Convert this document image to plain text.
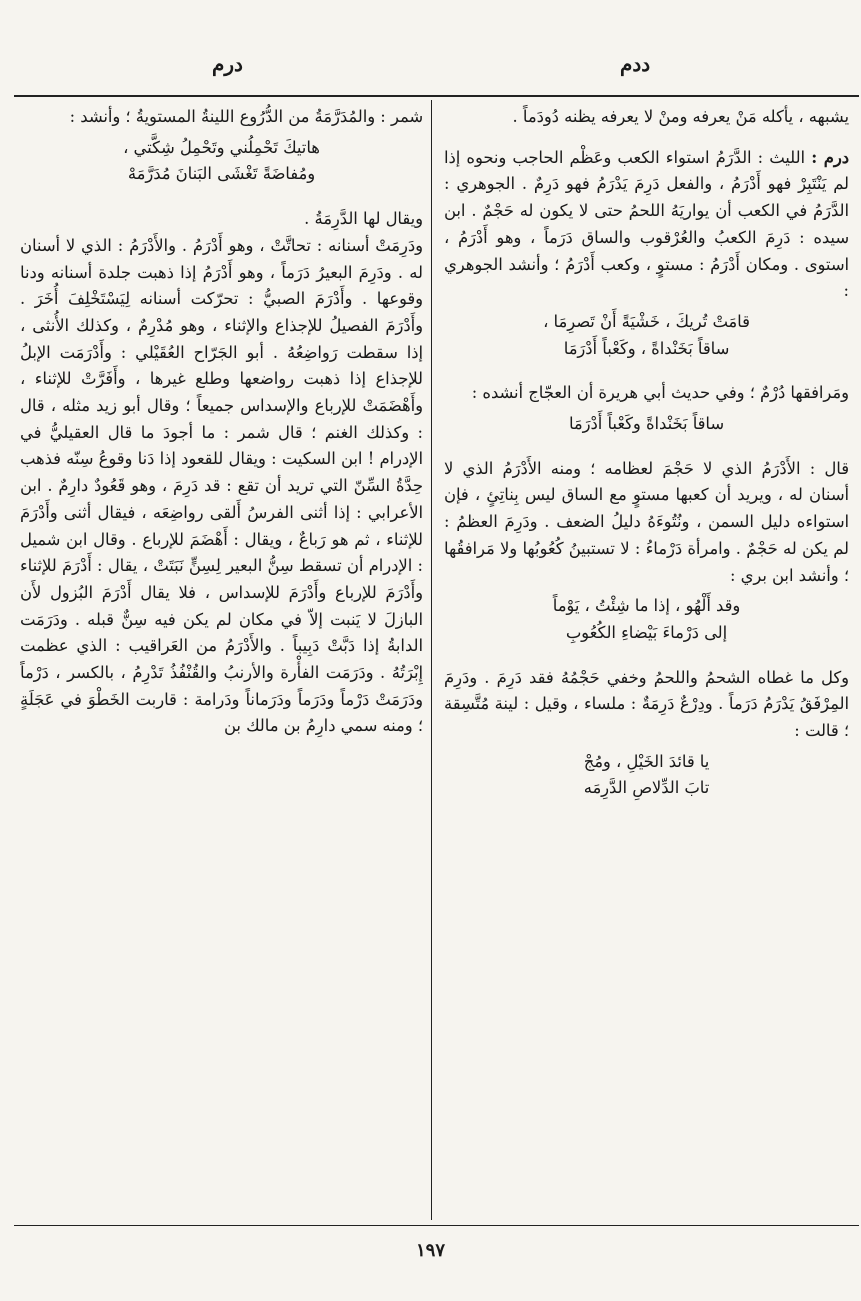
ددم
درم

يشبهه ، يأكله مَنْ يعرفه ومنْ لا يعرفه يظنه دُودَماً .

درم : الليث : الدَّرَمُ استواء الكعب وعَظْم الحاجب ونحوه إذا لم يَنْتَبِرْ فهو أَدْرَمُ ، والفعل دَرِمَ يَدْرَمُ فهو دَرِمٌ . الجوهري : الدَّرَمُ في الكعب أن يواريَهُ اللحمُ حتى لا يكون له حَجْمٌ . ابن سيده : دَرِمَ الكعبُ والعُرْقوب والساق دَرَماً ، وهو أَدْرَمُ ، استوى . ومكان أَدْرَمُ : مستوٍ ، وكعب أَدْرَمُ ؛ وأنشد الجوهري :

قامَتْ تُريكَ ، خَشْيَةً أَنْ تَصرِمَا ،

ساقاً بَخَنْداةً ، وكَعْباً أَدْرَمَا

ومَرافقها دُرْمٌ ؛ وفي حديث أبي هريرة أن العجّاج أنشده :

ساقاً بَخَنْداةً وكَعْباً أَدْرَمَا

قال : الأَدْرَمُ الذي لا حَجْمَ لعظامه ؛ ومنه الأَدْرَمُ الذي لا أسنان له ، ويريد أن كعبها مستوٍ مع الساق ليس بِناتِئٍ ، فإن استواءه دليل السمن ، ونُتُوءَهُ دليلُ الضعف . ودَرِمَ العظمُ : لم يكن له حَجْمٌ . وامرأة دَرْماءُ : لا تستبينُ كُعُوبُها ولا مَرافقُها ؛ وأنشد ابن بري :

وقد أَلْهُو ، إذا ما شِئْتُ ، يَوْماً

إلى دَرْماءَ بَيْضاءِ الكُعُوبِ

وكل ما غطاه الشحمُ واللحمُ وخفي حَجْمُهُ فقد دَرِمَ . ودَرِمَ المِرْفَقُ يَدْرَمُ دَرَماً . ودِرْعٌ دَرِمَةٌ : ملساء ، وقيل : لينة مُتَّسِقة ؛ قالت :

يا قائدَ الخَيْلِ ، ومُجْ

تابَ الدِّلاصِ الدَّرِمَه

شمر : والمُدَرَّمَةُ من الدُّرُوع اللينةُ المستويةُ ؛ وأنشد :

هاتيكَ تَحْمِلُني وتَحْمِلُ شِكَّتي ،

ومُفاضَةً تَغْشَى البَنانَ مُدَرَّمَهْ

ويقال لها الدَّرِمَةُ .

ودَرِمَتْ أسنانه : تحاتَّتْ ، وهو أَدْرَمُ . والأَدْرَمُ : الذي لا أسنان له . ودَرِمَ البعيرُ دَرَماً ، وهو أَدْرَمُ إذا ذهبت جلدة أسنانه ودنا وقوعها . وأَدْرَمَ الصبيُّ : تحرّكت أسنانه لِيَسْتَخْلِفَ أُخَرَ . وأَدْرَمَ الفصيلُ للإجذاع والإثناء ، وهو مُدْرِمٌ ، وكذلك الأُنثى ، إذا سقطت رَواضِعُهُ . أبو الجَرّاح العُقَيْلي : وأَدْرَمَت الإبلُ للإجذاع إذا ذهبت رواضعها وطلع غيرها ، وأَفَرَّتْ للإثناء ، وأَهْضَمَتْ للإرباع والإسداس جميعاً ؛ وقال أبو زيد مثله ، قال : وكذلك الغنم ؛ قال شمر : ما أجودَ ما قال العقيليُّ في الإدرام ! ابن السكيت : ويقال للقعود إذا دَنا وقوعُ سِنّه فذهب حِدَّةُ السِّنّ التي تريد أن تقع : قد دَرِمَ ، وهو قَعُودٌ دارِمٌ . ابن الأعرابي : إذا أثنى الفرسُ أَلقى رواضِعَه ، فيقال أثنى وأَدْرَمَ للإثناء ، ثم هو رَباعٌ ، ويقال : أَهْضَمَ للإرباع . وقال ابن شميل : الإدرام أن تسقط سِنُّ البعير لِسِنٍّ نَبَتَتْ ، يقال : أَدْرَمَ للإثناء وأَدْرَمَ للإرباع وأَدْرَمَ للإسداس ، فلا يقال أَدْرَمَ البُزول لأَن البازلَ لا يَنبت إلاّ في مكان لم يكن فيه سِنٌّ قبله . ودَرَمَت الدابةُ إذا دَبَّتْ دَبِيباً . والأَدْرَمُ من العَراقيب : الذي عظمت إِبْرَتُهُ . ودَرَمَت الفأْرة والأرنبُ والقُنْفُذُ تَدْرِمُ ، بالكسر ، دَرْماً ودَرَمَتْ دَرْماً ودَرَماً ودَرَماناً ودَرامة : قاربت الخَطْوَ في عَجَلَةٍ ؛ ومنه سمي دارِمُ بن مالك بن

١٩٧
